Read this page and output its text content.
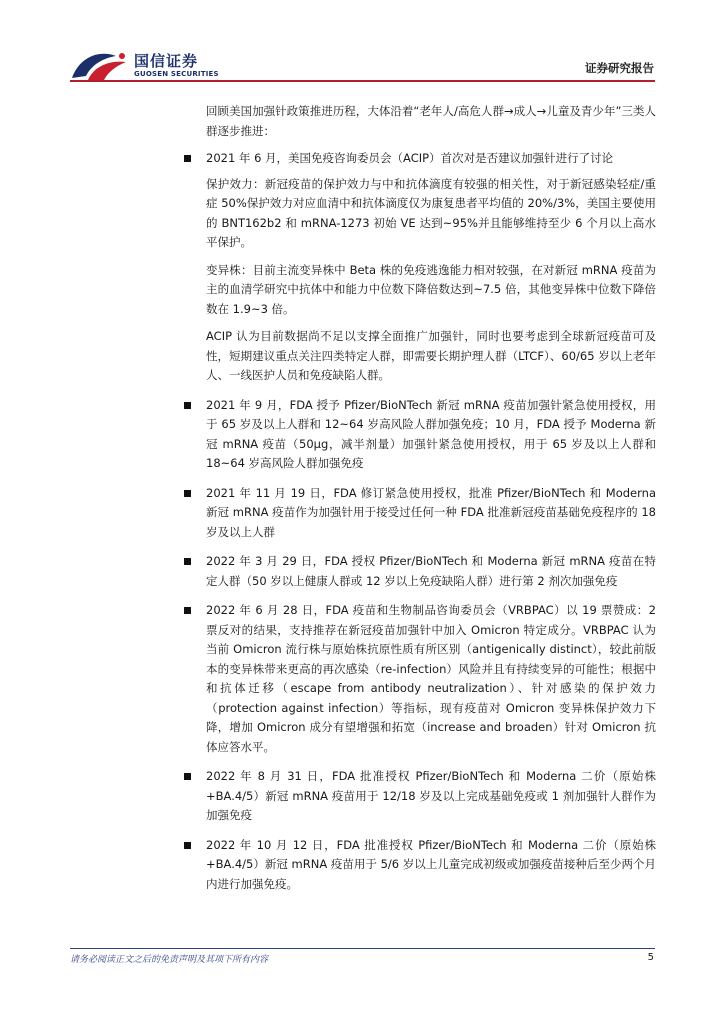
国信证券
GUOSEN SECURITIES	证券研究报告

回顾美国加强针政策推进历程，大体沿着“老年人/高危人群→成人→儿童及青少年”三类人群逐步推进：

2021 年 6 月，美国免疫咨询委员会（ACIP）首次对是否建议加强针进行了讨论
保护效力：新冠疫苗的保护效力与中和抗体滴度有较强的相关性，对于新冠感染轻症/重症 50%保护效力对应血清中和抗体滴度仅为康复患者平均值的 20%/3%，美国主要使用的 BNT162b2 和 mRNA-1273 初始 VE 达到~95%并且能够维持至少 6 个月以上高水平保护。
变异株：目前主流变异株中 Beta 株的免疫逃逸能力相对较强，在对新冠 mRNA 疫苗为主的血清学研究中抗体中和能力中位数下降倍数达到~7.5 倍，其他变异株中位数下降倍数在 1.9~3 倍。
ACIP 认为目前数据尚不足以支撑全面推广加强针，同时也要考虑到全球新冠疫苗可及性，短期建议重点关注四类特定人群，即需要长期护理人群（LTCF）、60/65 岁以上老年人、一线医护人员和免疫缺陷人群。
2021 年 9 月，FDA 授予 Pfizer/BioNTech 新冠 mRNA 疫苗加强针紧急使用授权，用于 65 岁及以上人群和 12~64 岁高风险人群加强免疫；10 月，FDA 授予 Moderna 新冠 mRNA 疫苗（50μg，减半剂量）加强针紧急使用授权，用于 65 岁及以上人群和 18~64 岁高风险人群加强免疫
2021 年 11 月 19 日，FDA 修订紧急使用授权，批准 Pfizer/BioNTech 和 Moderna 新冠 mRNA 疫苗作为加强针用于接受过任何一种 FDA 批准新冠疫苗基础免疫程序的 18 岁及以上人群
2022 年 3 月 29 日，FDA 授权 Pfizer/BioNTech 和 Moderna 新冠 mRNA 疫苗在特定人群（50 岁以上健康人群或 12 岁以上免疫缺陷人群）进行第 2 剂次加强免疫
2022 年 6 月 28 日，FDA 疫苗和生物制品咨询委员会（VRBPAC）以 19 票赞成：2 票反对的结果，支持推荐在新冠疫苗加强针中加入 Omicron 特定成分。VRBPAC 认为当前 Omicron 流行株与原始株抗原性质有所区别（antigenically distinct），较此前版本的变异株带来更高的再次感染（re-infection）风险并且有持续变异的可能性；根据中和抗体迁移（escape from antibody neutralization）、针对感染的保护效力（protection against infection）等指标，现有疫苗对 Omicron 变异株保护效力下降，增加 Omicron 成分有望增强和拓宽（increase and broaden）针对 Omicron 抗体应答水平。
2022 年 8 月 31 日，FDA 批准授权 Pfizer/BioNTech 和 Moderna 二价（原始株+BA.4/5）新冠 mRNA 疫苗用于 12/18 岁及以上完成基础免疫或 1 剂加强针人群作为加强免疫
2022 年 10 月 12 日，FDA 批准授权 Pfizer/BioNTech 和 Moderna 二价（原始株+BA.4/5）新冠 mRNA 疫苗用于 5/6 岁以上儿童完成初级或加强疫苗接种后至少两个月内进行加强免疫。
请务必阅读正文之后的免责声明及其项下所有内容	5
